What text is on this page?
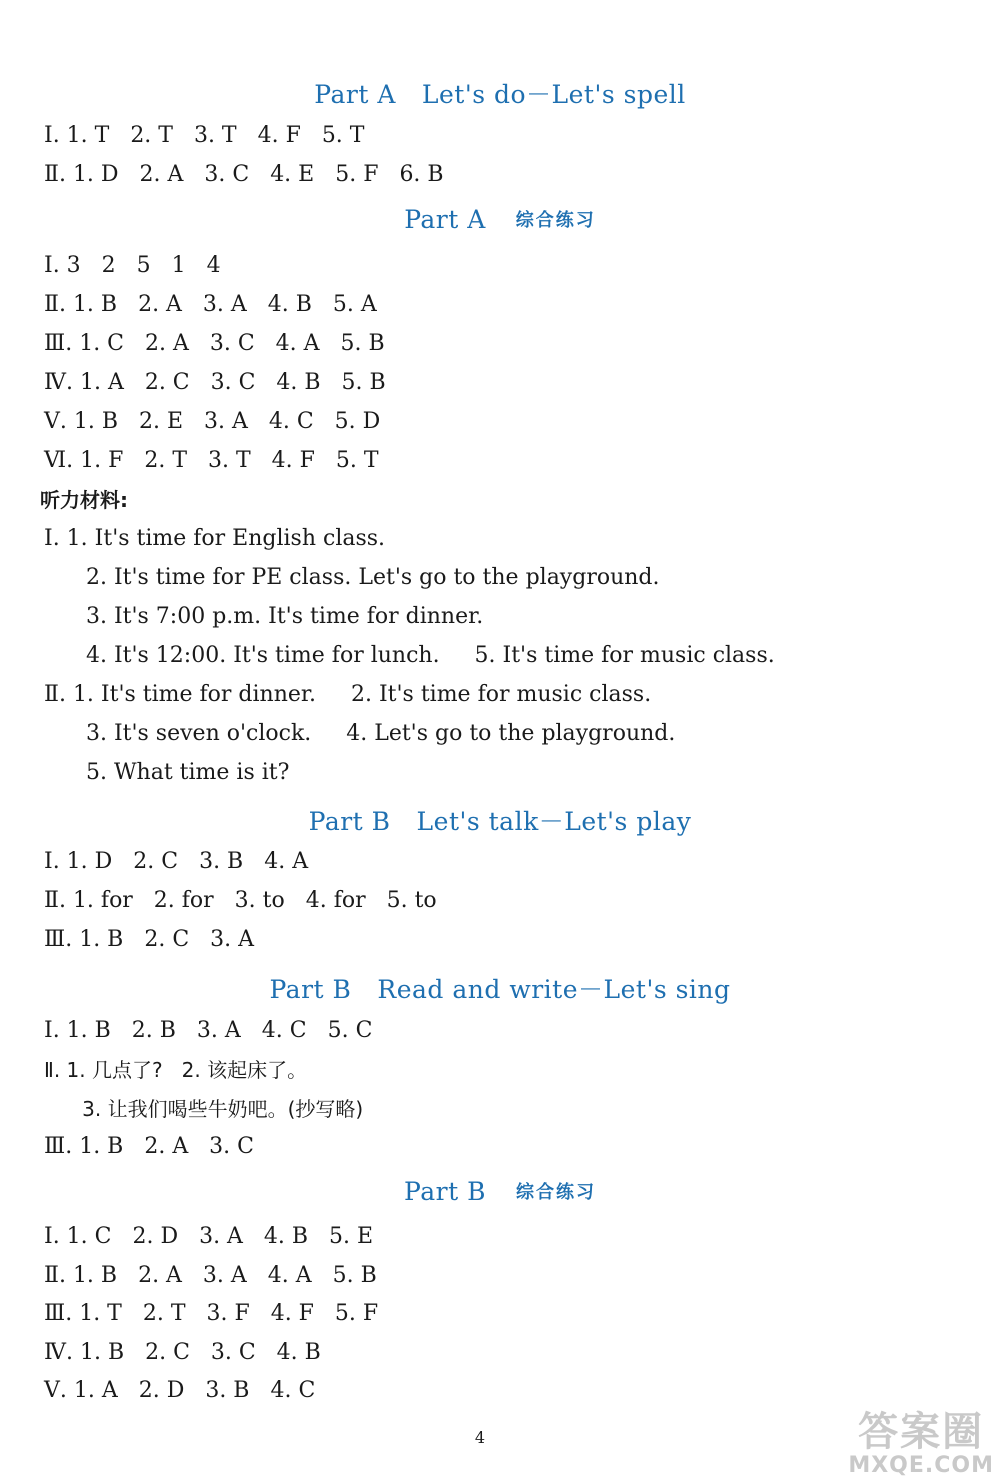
Part A Let's do－Let's spell
Ⅰ. 1. T   2. T   3. T   4. F   5. T
Ⅱ. 1. D   2. A   3. C   4. E   5. F   6. B
Part A 综合练习
Ⅰ. 3   2   5   1   4
Ⅱ. 1. B   2. A   3. A   4. B   5. A
Ⅲ. 1. C   2. A   3. C   4. A   5. B
Ⅳ. 1. A   2. C   3. C   4. B   5. B
Ⅴ. 1. B   2. E   3. A   4. C   5. D
Ⅵ. 1. F   2. T   3. T   4. F   5. T
听力材料:
Ⅰ. 1. It's time for English class.
2. It's time for PE class. Let's go to the playground.
3. It's 7:00 p.m. It's time for dinner.
4. It's 12:00. It's time for lunch.     5. It's time for music class.
Ⅱ. 1. It's time for dinner.     2. It's time for music class.
3. It's seven o'clock.     4. Let's go to the playground.
5. What time is it?
Part B Let's talk－Let's play
Ⅰ. 1. D   2. C   3. B   4. A
Ⅱ. 1. for   2. for   3. to   4. for   5. to
Ⅲ. 1. B   2. C   3. A
Part B Read and write－Let's sing
Ⅰ. 1. B   2. B   3. A   4. C   5. C
Ⅱ. 1. 几点了?   2. 该起床了。
3. 让我们喝些牛奶吧。(抄写略)
Ⅲ. 1. B   2. A   3. C
Part B 综合练习
Ⅰ. 1. C   2. D   3. A   4. B   5. E
Ⅱ. 1. B   2. A   3. A   4. A   5. B
Ⅲ. 1. T   2. T   3. F   4. F   5. F
Ⅳ. 1. B   2. C   3. C   4. B
Ⅴ. 1. A   2. D   3. B   4. C
4	答案圈
MXQE.COM
